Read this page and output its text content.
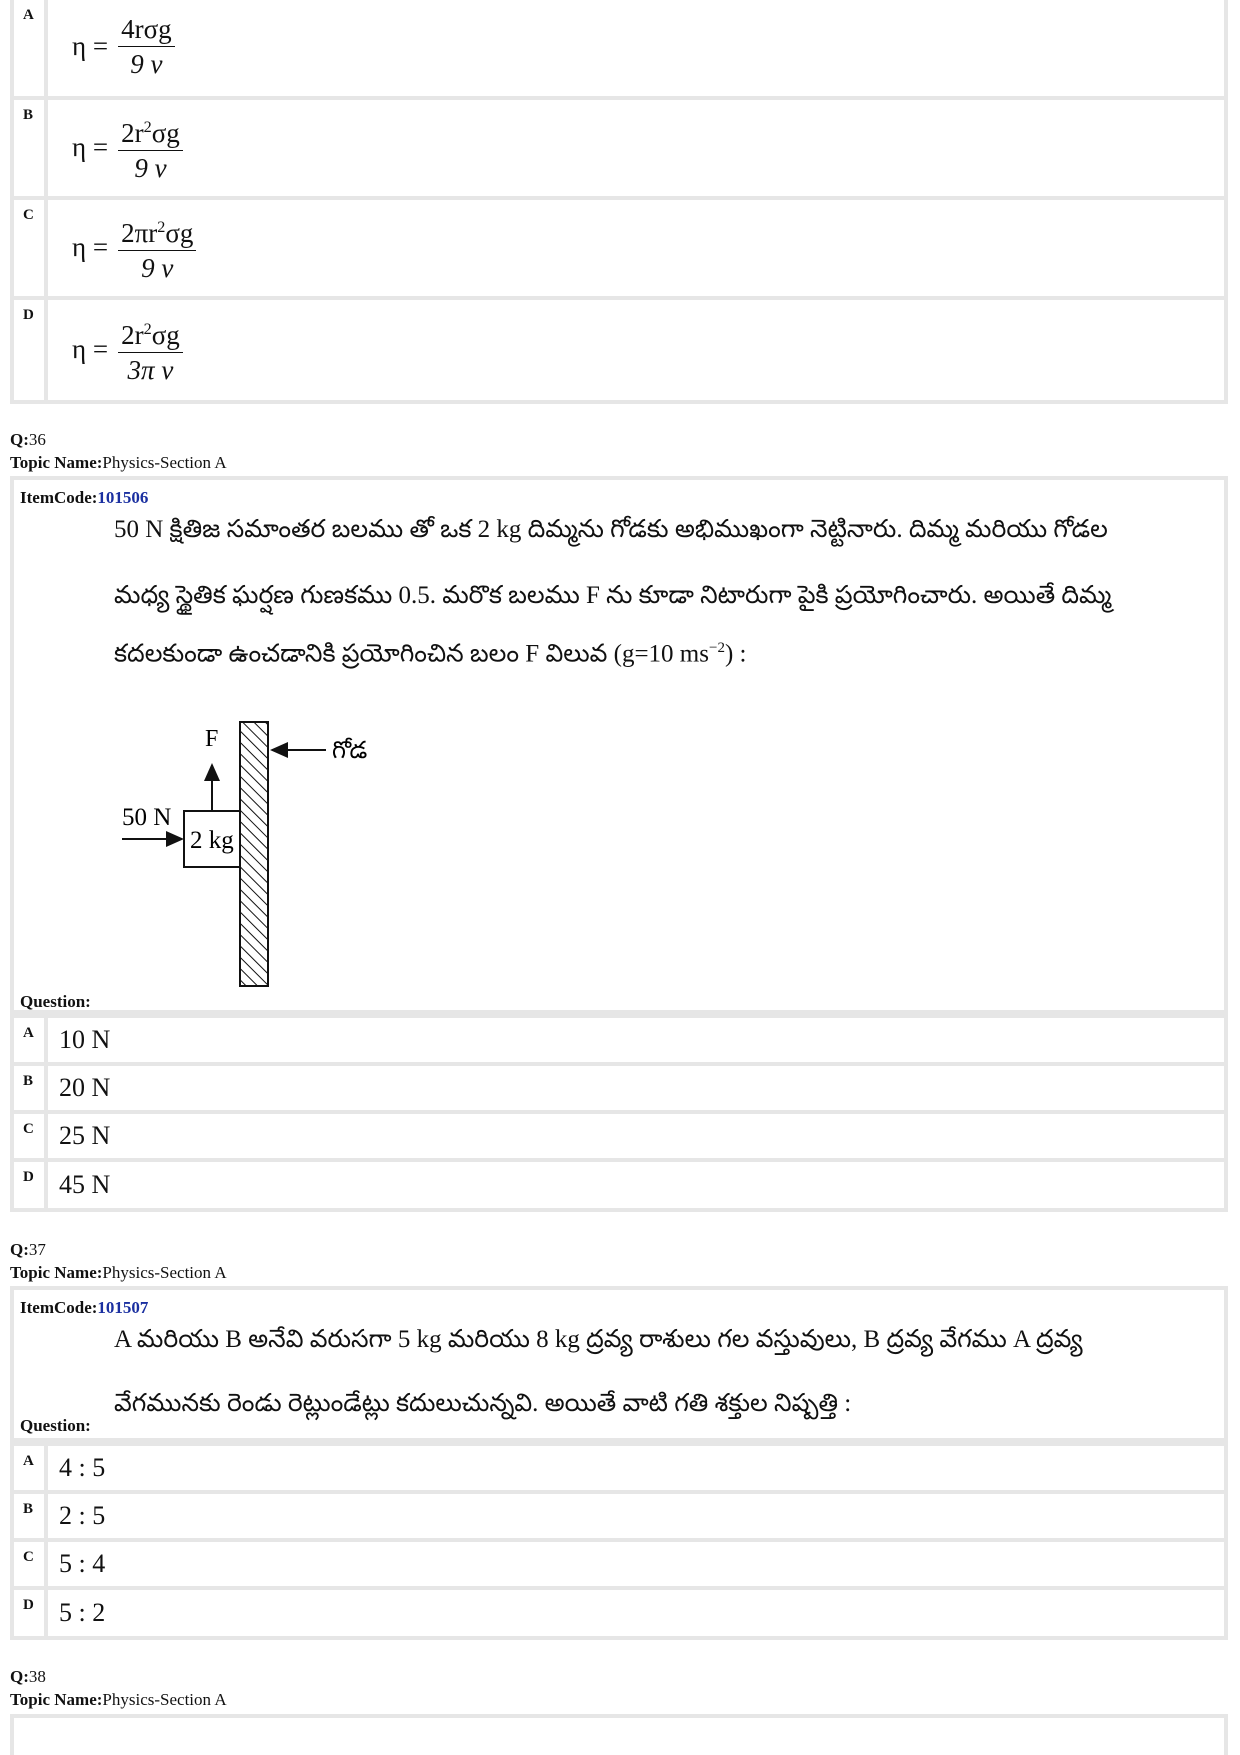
A
$\eta = \frac{\text{4rσg}}{9 v}$
B
$\eta = \frac{2r^2\sigma g}{9 v}$
C
$\eta = \frac{2\pi r^2\sigma g}{9 v}$
D
$\eta = \frac{2r^2\sigma g}{\text{3π v}}$
Q:36
Topic Name:Physics-Section A
ItemCode:101506
50 N క్షితిజ సమాంతర బలము తో ఒక 2 kg దిమ్మను గోడకు అభిముఖంగా నెట్టినారు. దిమ్మ మరియు గోడల
మధ్య స్థైతిక ఘర్షణ గుణకము 0.5. మరొక బలము F ను కూడా నిటారుగా పైకి ప్రయోగించారు. అయితే దిమ్మ
కదలకుండా ఉంచడానికి ప్రయోగించిన బలం F విలువ (g=10 $ms^{-2}$) :
F
50 N
2 kg
గోడ
Question:
A 10 N
B 20 N
C 25 N
D 45 N
Q:37
Topic Name:Physics-Section A
ItemCode:101507
A మరియు B అనేవి వరుసగా 5 kg మరియు 8 kg ద్రవ్య రాశులు గల వస్తువులు, B ద్రవ్య వేగము A ద్రవ్య
వేగమునకు రెండు రెట్లుండేట్లు కదులుచున్నవి. అయితే వాటి గతి శక్తుల నిష్పత్తి :
Question:
A 4 : 5
B 2 : 5
C 5 : 4
D 5 : 2
Q:38
Topic Name:Physics-Section A
